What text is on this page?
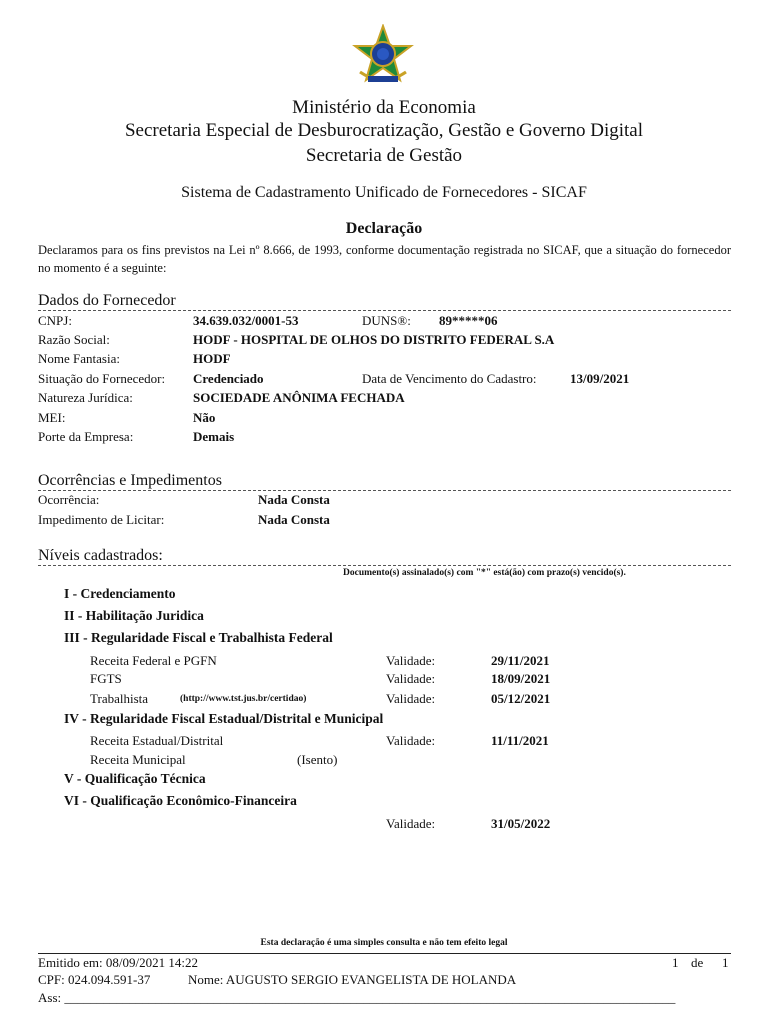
Ministério da Economia
Secretaria Especial de Desburocratização, Gestão e Governo Digital
Secretaria de Gestão
Sistema de Cadastramento Unificado de Fornecedores - SICAF
Declaração
Declaramos para os fins previstos na Lei nº 8.666, de 1993, conforme documentação registrada no SICAF, que a situação do fornecedor no momento é a seguinte:
Dados do Fornecedor
CNPJ:	34.639.032/0001-53	DUNS®: 89*****06
Razão Social:	HODF - HOSPITAL DE OLHOS DO DISTRITO FEDERAL S.A
Nome Fantasia:	HODF
Situação do Fornecedor: Credenciado	Data de Vencimento do Cadastro:	13/09/2021
Natureza Jurídica:	SOCIEDADE ANÔNIMA FECHADA
MEI:	Não
Porte da Empresa:	Demais
Ocorrências e Impedimentos
Ocorrência:	Nada Consta
Impedimento de Licitar:	Nada Consta
Níveis cadastrados:
Documento(s) assinalado(s) com "*" está(ão) com prazo(s) vencido(s).
I - Credenciamento
II - Habilitação Juridica
III - Regularidade Fiscal e Trabalhista Federal
Receita Federal e PGFN	Validade:	29/11/2021
FGTS	Validade:	18/09/2021
Trabalhista	(http://www.tst.jus.br/certidao)	Validade:	05/12/2021
IV - Regularidade Fiscal Estadual/Distrital e Municipal
Receita Estadual/Distrital	Validade:	11/11/2021
Receita Municipal	(Isento)
V - Qualificação Técnica
VI - Qualificação Econômico-Financeira
Validade:	31/05/2022
Esta declaração é uma simples consulta e não tem efeito legal
Emitido em: 08/09/2021 14:22	1 de 1
CPF: 024.094.591-37	Nome: AUGUSTO SERGIO EVANGELISTA DE HOLANDA
Ass: ______________________________________________________________________________________________
